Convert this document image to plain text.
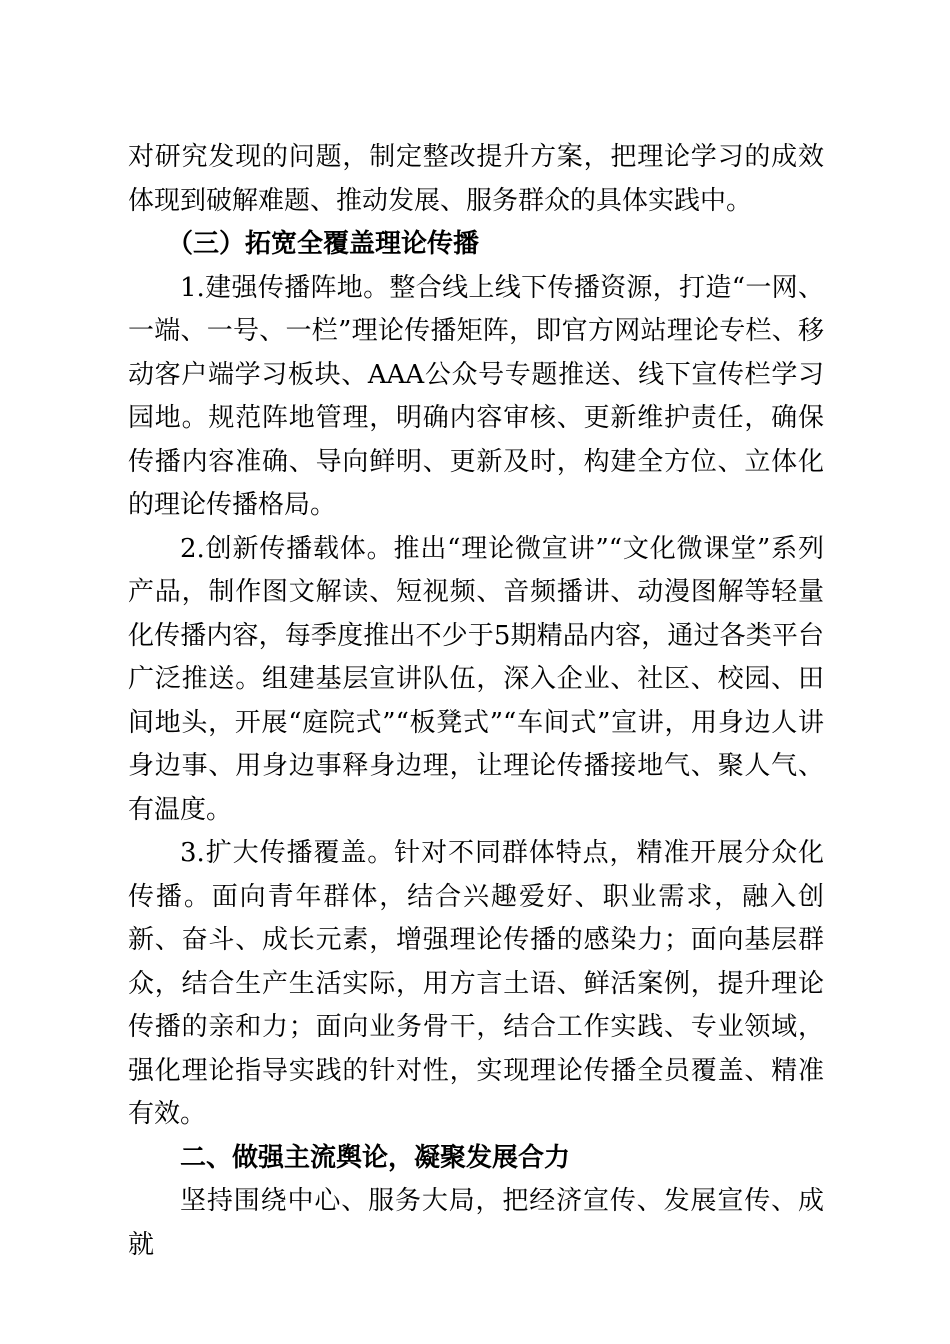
对研究发现的问题，制定整改提升方案，把理论学习的成效体现到破解难题、推动发展、服务群众的具体实践中。

（三）拓宽全覆盖理论传播

1.建强传播阵地。整合线上线下传播资源，打造“一网、一端、一号、一栏”理论传播矩阵，即官方网站理论专栏、移动客户端学习板块、AAA公众号专题推送、线下宣传栏学习园地。规范阵地管理，明确内容审核、更新维护责任，确保传播内容准确、导向鲜明、更新及时，构建全方位、立体化的理论传播格局。

2.创新传播载体。推出“理论微宣讲”“文化微课堂”系列产品，制作图文解读、短视频、音频播讲、动漫图解等轻量化传播内容，每季度推出不少于5期精品内容，通过各类平台广泛推送。组建基层宣讲队伍，深入企业、社区、校园、田间地头，开展“庭院式”“板凳式”“车间式”宣讲，用身边人讲身边事、用身边事释身边理，让理论传播接地气、聚人气、有温度。

3.扩大传播覆盖。针对不同群体特点，精准开展分众化传播。面向青年群体，结合兴趣爱好、职业需求，融入创新、奋斗、成长元素，增强理论传播的感染力；面向基层群众，结合生产生活实际，用方言土语、鲜活案例，提升理论传播的亲和力；面向业务骨干，结合工作实践、专业领域，强化理论指导实践的针对性，实现理论传播全员覆盖、精准有效。

二、做强主流舆论，凝聚发展合力

坚持围绕中心、服务大局，把经济宣传、发展宣传、成就
